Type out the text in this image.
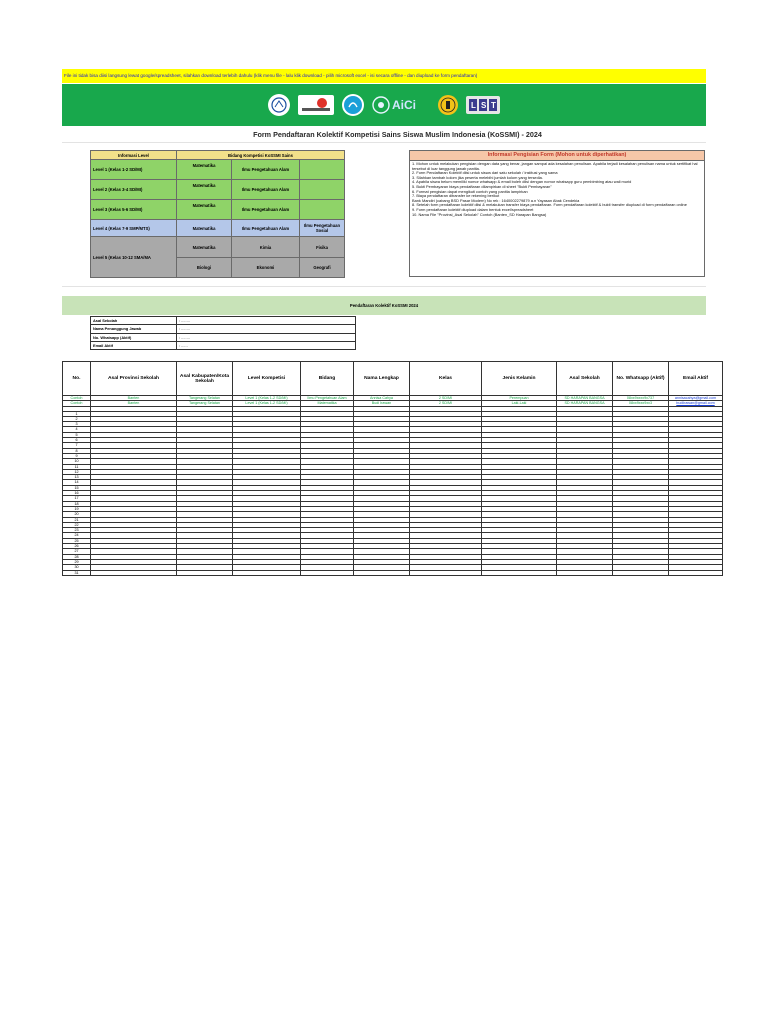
File ini tidak bisa diisi langsung lewat google/spreadsheet, silahkan download terlebih dahulu (klik menu file - lalu klik download - pilih microsoft excel - isi secara offline - dan diupload ke form pendaftaran)
AiCi	L S T
Form Pendaftaran Kolektif Kompetisi Sains Siswa Muslim Indonesia (KoSSMI) - 2024
Informasi Level	Bidang Kompetisi KoSSMI Sains		
Level 1 (Kelas 1-2 SD/MI)	Matematika	Ilmu Pengetahuan Alam	
Level 2 (Kelas 3-4 SD/MI)	Matematika	Ilmu Pengetahuan Alam	
Level 3 (Kelas 5-6 SD/MI)	Matematika	Ilmu Pengetahuan Alam	
Level 4 (Kelas 7-9 SMP/MTS)	Matematika	Ilmu Pengetahuan Alam	Ilmu Pengetahuan Sosial
Level 5 (Kelas 10-12 SMA/MA	Matematika	Kimia	Fisika
	Biologi	Ekonomi	Geografi
Informasi Pengisian Form (Mohon untuk diperhatikan)
1. Mohon untuk melakukan pengisian dengan data yang benar, jangan sampai ada kesalahan penulisan. Apabila terjadi kesalahan penulisan nama untuk sertifikat hal tersebut di luar tanggung jawab panitia.
2. Form Pendaftaran Kolektif diisi untuk siswa dari satu sekolah / institusi yang sama
3. Silahkan tambah kolom jika peserta melebihi jumlah kolom yang tersedia.
4. Apabila siswa belum memiliki nomor whatsapp & email boleh diisi dengan nomor whatsapp guru pembimbing atau wali murid
5. Bukti Pembayaran biaya pendaftaran dilampirkan di sheet "Bukti Pembayaran"
6. Format pengisian dapat mengikuti contoh yang panitia lampirkan
7. Biaya pendaftaran ditransfer ke rekening berikut
Bank Mandiri (cabang BSD Pasar Modern) No rek : 1640002279879 a.n Yayasan Abak Cendekia
8. Setelah form pendaftaran kolektif diisi & melakukan transfer biaya pendaftaran. Form pendaftaran kolektif & bukti transfer diupload di form pendaftaran online
9. Form pendaftaran kolektif diupload dalam bentuk excel/spreadsheet
10. Nama File "Provinsi_Asal Sekolah" Contoh (Banten_SD Harapan Bangsa)
Pendaftaran Kolektif KoSSMI 2024
Asal Sekolah	: ........
Nama Penanggung Jawab	: ........
No. Whatsapp (Aktif)	: ........
Email Aktif	: ......
No.	Asal Provinsi Sekolah	Asal Kabupaten/Kota Sekolah	Level Kompetisi	Bidang	Nama Lengkap	Kelas	Jenis Kelamin	Asal Sekolah	No. Whatsapp (Aktif)	Email Aktif
Contoh	Banten	Tangerang Selatan	Level 1 (Kelas 1-2 SD/MI)	Ilmu Pengetahuan Alam	Annisa Cahya	2 SD/MI	Perempuan	SD HARAPAN BANGSA	08xx9xxxx9x737	annisacahya@gmail.com
Contoh	Banten	Tangerang Selatan	Level 1 (Kelas 1-2 SD/MI)	Matematika	Budi Irawan	2 SD/MI	Laki-Laki	SD HARAPAN BANGSA	08xx9xxx9xx3	budiirawan@gmail.com

1										
2										
3										
4										
5										
6										
7										
8										
9										
10										
11										
12										
13										
14										
15										
16										
17										
18										
19										
20										
21										
22										
23										
24										
25										
26										
27										
28										
29										
30										
31										
